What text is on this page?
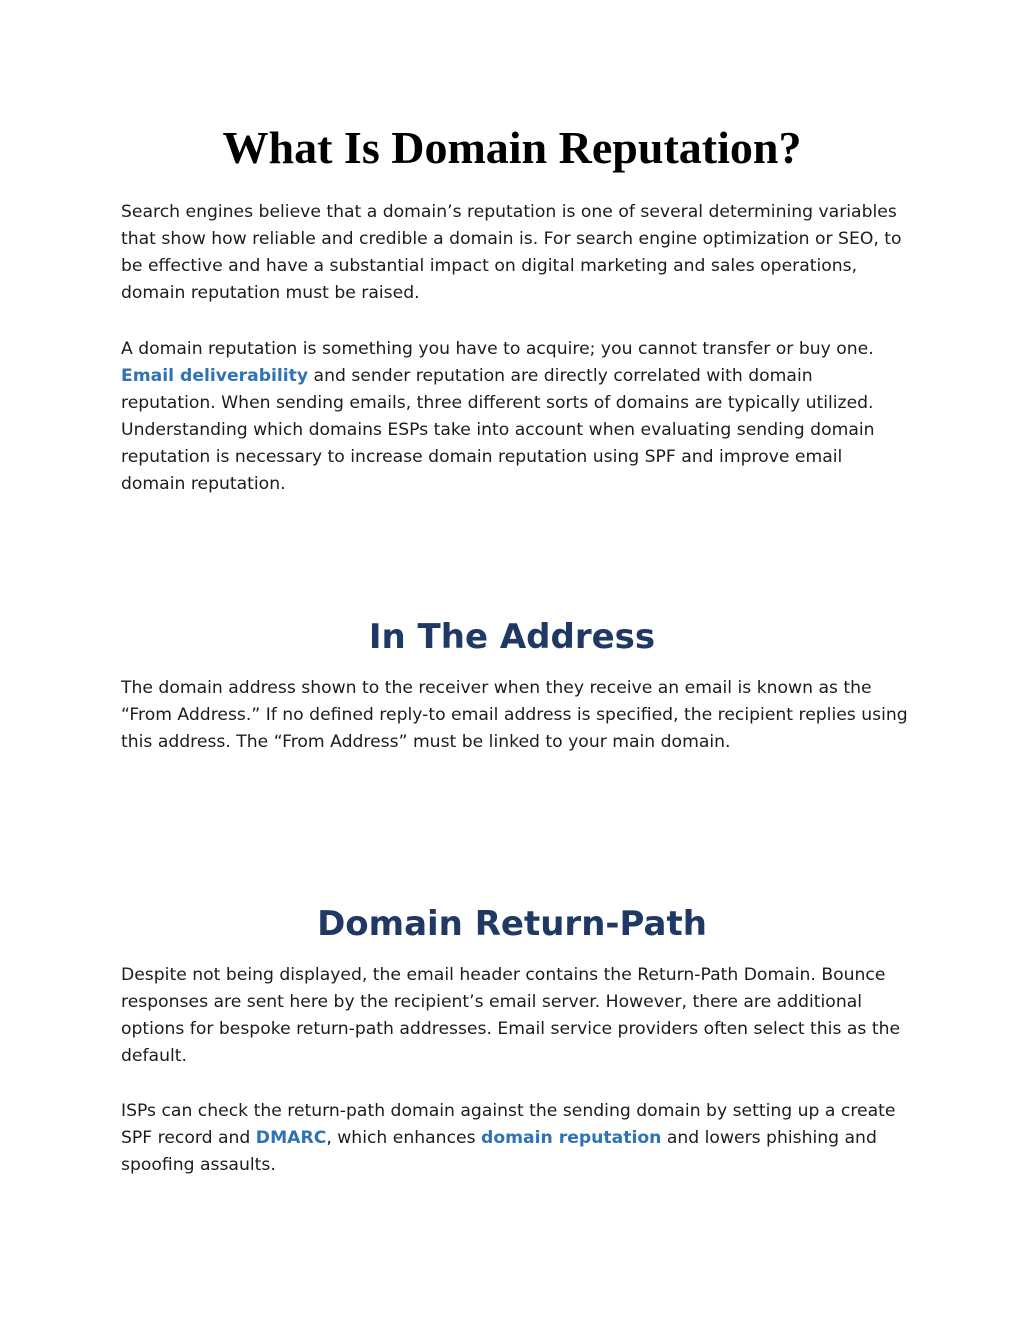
What Is Domain Reputation?

Search engines believe that a domain’s reputation is one of several determining variables that show how reliable and credible a domain is. For search engine optimization or SEO, to be effective and have a substantial impact on digital marketing and sales operations, domain reputation must be raised.

A domain reputation is something you have to acquire; you cannot transfer or buy one. Email deliverability and sender reputation are directly correlated with domain reputation. When sending emails, three different sorts of domains are typically utilized. Understanding which domains ESPs take into account when evaluating sending domain reputation is necessary to increase domain reputation using SPF and improve email domain reputation.

In The Address

The domain address shown to the receiver when they receive an email is known as the “From Address.” If no defined reply-to email address is specified, the recipient replies using this address. The “From Address” must be linked to your main domain.

Domain Return-Path

Despite not being displayed, the email header contains the Return-Path Domain. Bounce responses are sent here by the recipient’s email server. However, there are additional options for bespoke return-path addresses. Email service providers often select this as the default.

ISPs can check the return-path domain against the sending domain by setting up a create SPF record and DMARC, which enhances domain reputation and lowers phishing and spoofing assaults.
